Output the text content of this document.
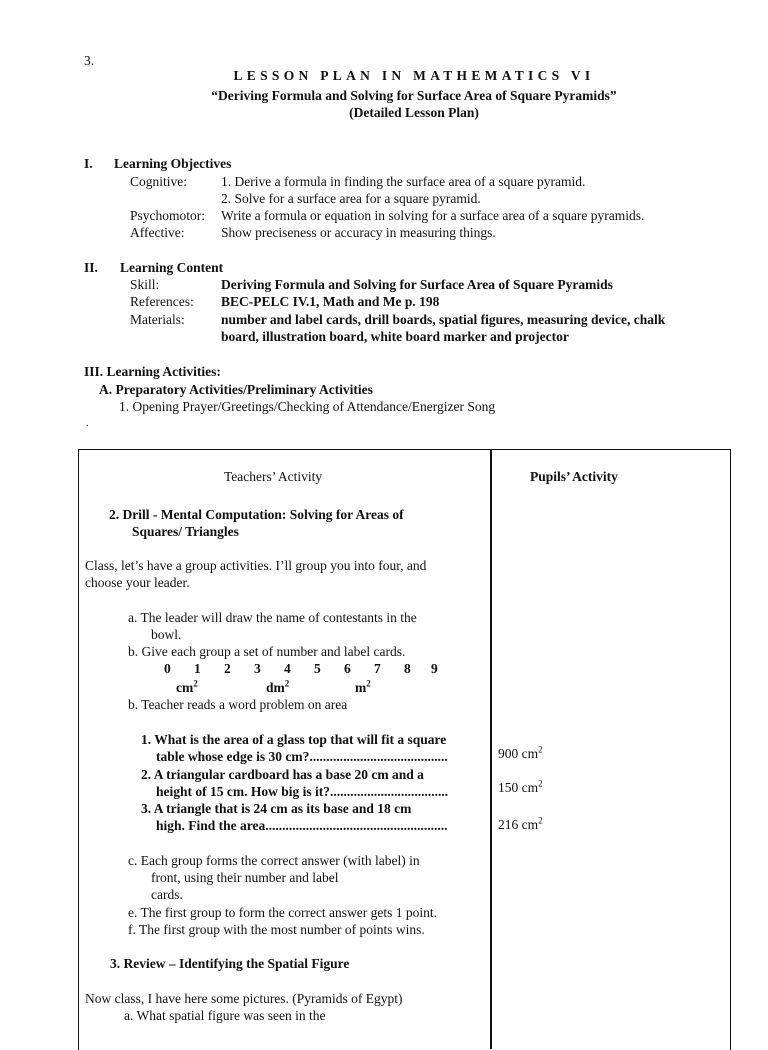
3.
LESSON PLAN IN MATHEMATICS VI
“Deriving Formula and Solving for Surface Area of Square Pyramids”
(Detailed Lesson Plan)
I. Learning Objectives
Cognitive:	1. Derive a formula in finding the surface area of a square pyramid.
2. Solve for a surface area for a square pyramid.
Psychomotor: Write a formula or equation in solving for a surface area of a square pyramids.
Affective:	Show preciseness or accuracy in measuring things.
II. Learning Content
Skill:	Deriving Formula and Solving for Surface Area of Square Pyramids
References: BEC-PELC IV.1, Math and Me p. 198
Materials:	number and label cards, drill boards, spatial figures, measuring device, chalk
board, illustration board, white board marker and projector
III. Learning Activities:
A. Preparatory Activities/Preliminary Activities
1. Opening Prayer/Greetings/Checking of Attendance/Energizer Song
.
Teachers’ Activity	Pupils’ Activity
2. Drill - Mental Computation: Solving for Areas of
Squares/ Triangles
Class, let’s have a group activities. I’ll group you into four, and
choose your leader.
a. The leader will draw the name of contestants in the
bowl.
b. Give each group a set of number and label cards.
0 1 2 3 4 5 6 7 8 9
$cm^2$	$dm^2$	$m^2$
b. Teacher reads a word problem on area
1. What is the area of a glass top that will fit a square
table whose edge is 30 cm?.........................................
2. A triangular cardboard has a base 20 cm and a
height of 15 cm. How big is it?...................................
3. A triangle that is 24 cm as its base and 18 cm
high. Find the area......................................................
900 $cm^2$
150 $cm^2$
216 $cm^2$
c. Each group forms the correct answer (with label) in
front, using their number and label
cards.
e. The first group to form the correct answer gets 1 point.
f. The first group with the most number of points wins.
3. Review – Identifying the Spatial Figure
Now class, I have here some pictures. (Pyramids of Egypt)
a. What spatial figure was seen in the
